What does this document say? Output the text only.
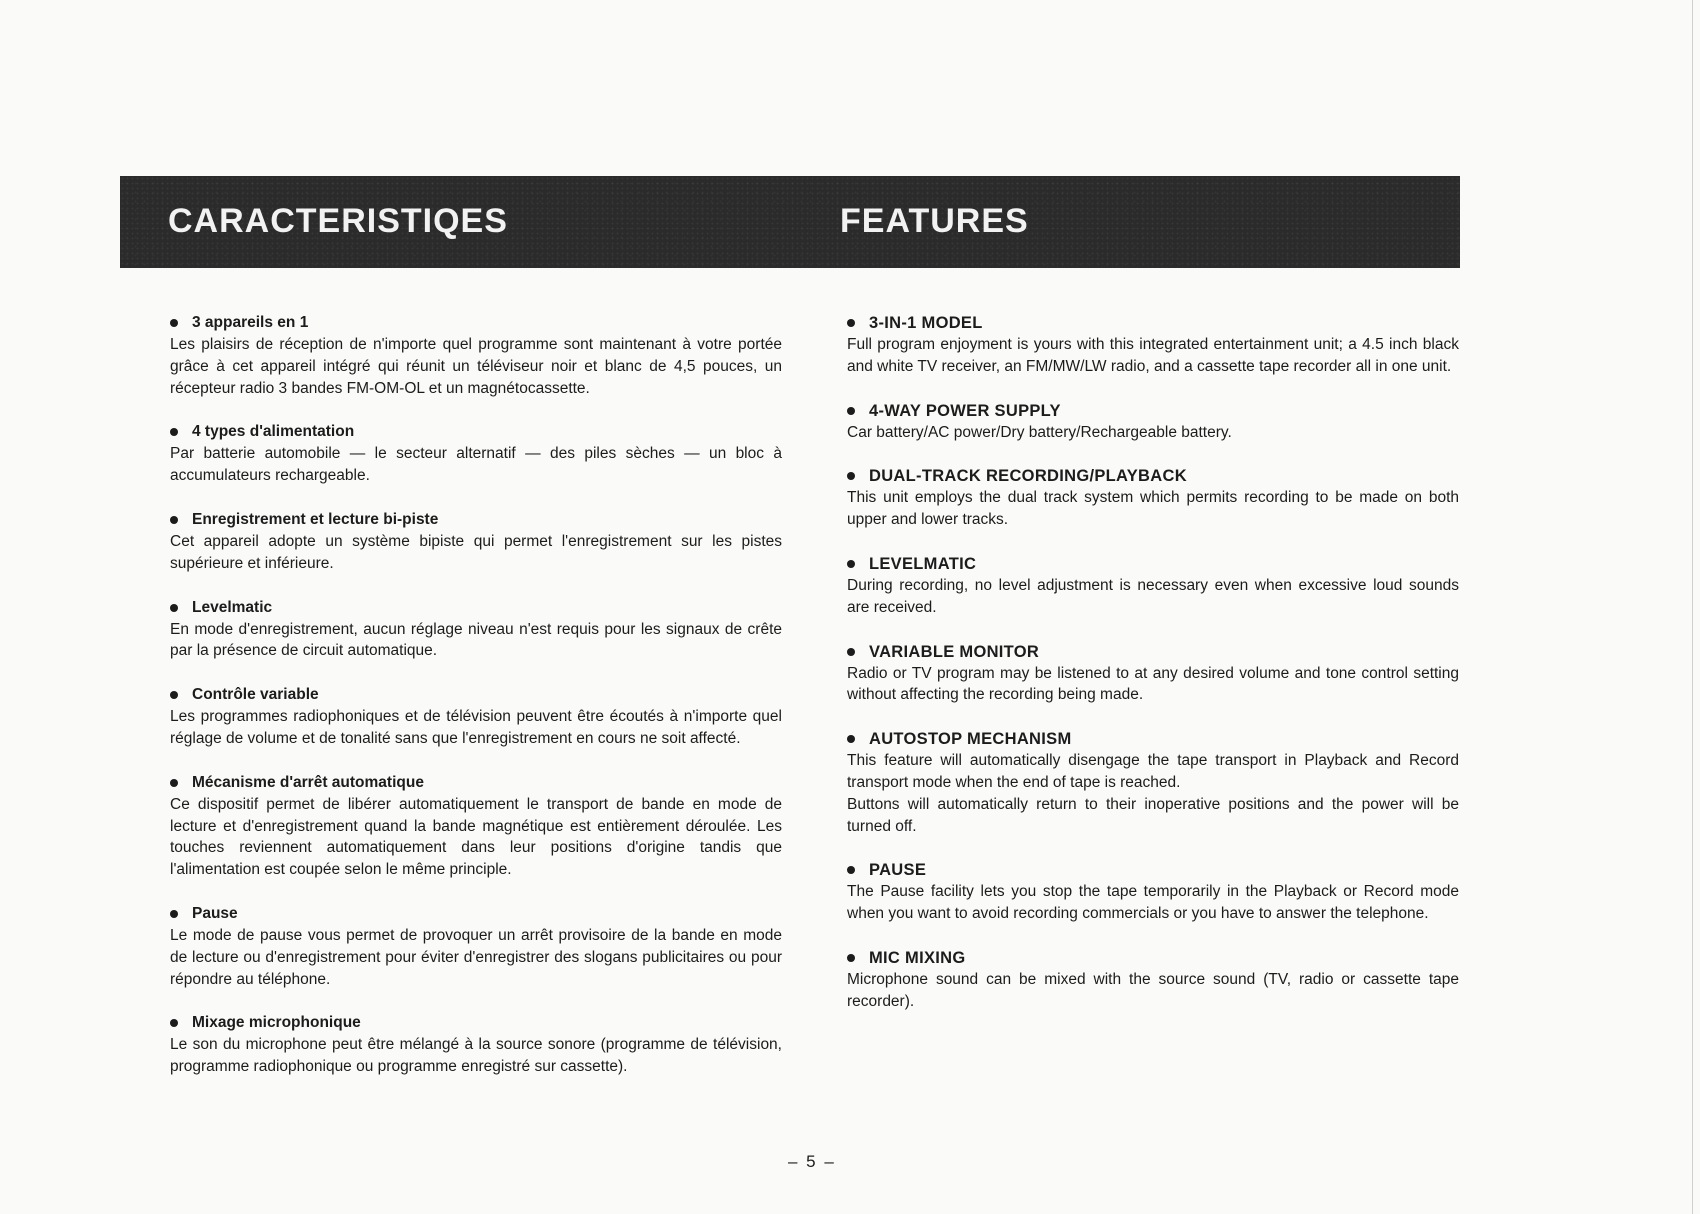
CARACTERISTIQES	FEATURES
3 appareils en 1
Les plaisirs de réception de n'importe quel programme sont maintenant à votre portée grâce à cet appareil intégré qui réunit un téléviseur noir et blanc de 4,5 pouces, un récepteur radio 3 bandes FM-OM-OL et un magnétocassette.
4 types d'alimentation
Par batterie automobile — le secteur alternatif — des piles sèches — un bloc à accumulateurs rechargeable.
Enregistrement et lecture bi-piste
Cet appareil adopte un système bipiste qui permet l'enregistrement sur les pistes supérieure et inférieure.
Levelmatic
En mode d'enregistrement, aucun réglage niveau n'est requis pour les signaux de crête par la présence de circuit automatique.
Contrôle variable
Les programmes radiophoniques et de télévision peuvent être écoutés à n'importe quel réglage de volume et de tonalité sans que l'enregistrement en cours ne soit affecté.
Mécanisme d'arrêt automatique
Ce dispositif permet de libérer automatiquement le transport de bande en mode de lecture et d'enregistrement quand la bande magnétique est entièrement déroulée. Les touches reviennent automatiquement dans leur positions d'origine tandis que l'alimentation est coupée selon le même principle.
Pause
Le mode de pause vous permet de provoquer un arrêt provisoire de la bande en mode de lecture ou d'enregistrement pour éviter d'enregistrer des slogans publicitaires ou pour répondre au téléphone.
Mixage microphonique
Le son du microphone peut être mélangé à la source sonore (programme de télévision, programme radiophonique ou programme enregistré sur cassette).
3-IN-1 MODEL
Full program enjoyment is yours with this integrated entertainment unit; a 4.5 inch black and white TV receiver, an FM/MW/LW radio, and a cassette tape recorder all in one unit.
4-WAY POWER SUPPLY
Car battery/AC power/Dry battery/Rechargeable battery.
DUAL-TRACK RECORDING/PLAYBACK
This unit employs the dual track system which permits recording to be made on both upper and lower tracks.
LEVELMATIC
During recording, no level adjustment is necessary even when excessive loud sounds are received.
VARIABLE MONITOR
Radio or TV program may be listened to at any desired volume and tone control setting without affecting the recording being made.
AUTOSTOP MECHANISM
This feature will automatically disengage the tape transport in Playback and Record transport mode when the end of tape is reached.
Buttons will automatically return to their inoperative positions and the power will be turned off.
PAUSE
The Pause facility lets you stop the tape temporarily in the Playback or Record mode when you want to avoid recording commercials or you have to answer the telephone.
MIC MIXING
Microphone sound can be mixed with the source sound (TV, radio or cassette tape recorder).
– 5 –
